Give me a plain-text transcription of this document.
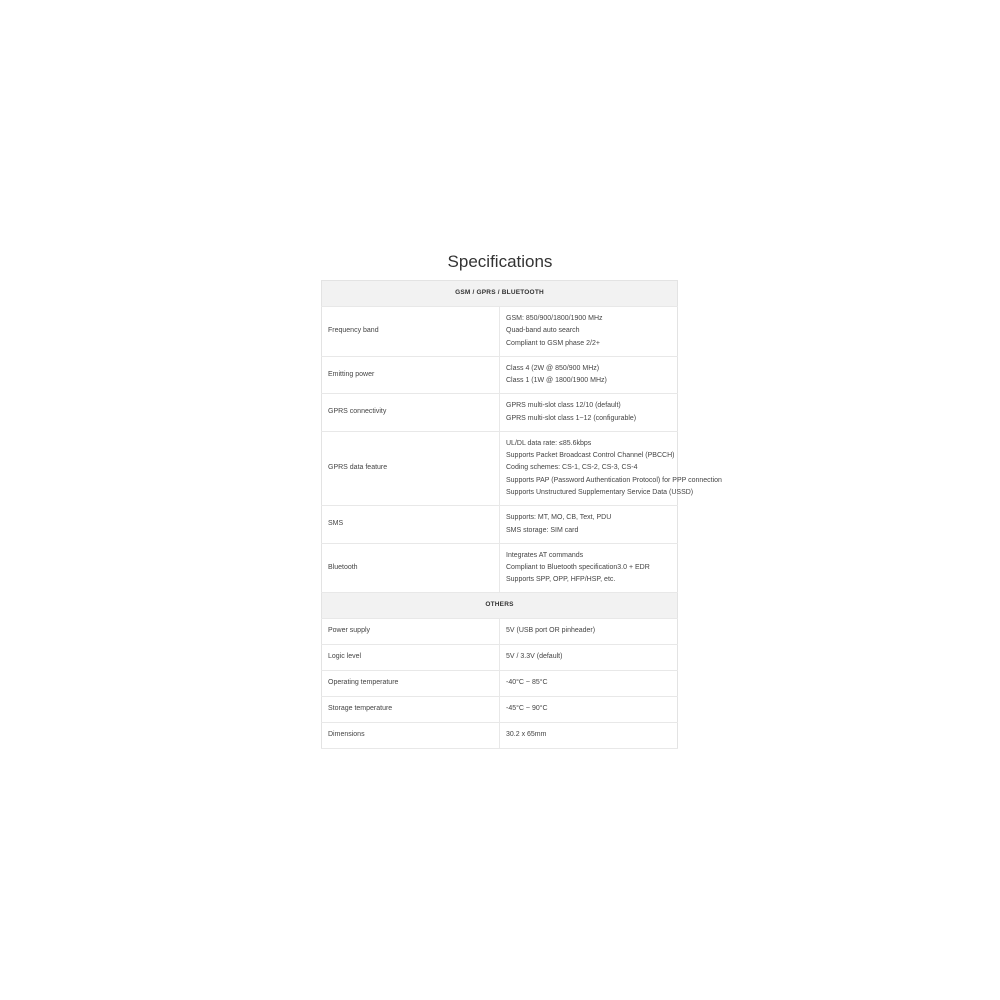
Specifications
GSM / GPRS / BLUETOOTH	
Frequency band	GSM: 850/900/1800/1900 MHz
Quad-band auto search
Compliant to GSM phase 2/2+

Emitting power	Class 4 (2W @ 850/900 MHz)
Class 1 (1W @ 1800/1900 MHz)

GPRS connectivity	GPRS multi-slot class 12/10 (default)
GPRS multi-slot class 1~12 (configurable)

GPRS data feature	UL/DL data rate: ≤85.6kbps
Supports Packet Broadcast Control Channel (PBCCH)
Coding schemes: CS-1, CS-2, CS-3, CS-4
Supports PAP (Password Authentication Protocol) for PPP connection
Supports Unstructured Supplementary Service Data (USSD)

SMS	Supports: MT, MO, CB, Text, PDU
SMS storage: SIM card

Bluetooth	Integrates AT commands
Compliant to Bluetooth specification3.0 + EDR
Supports SPP, OPP, HFP/HSP, etc.

OTHERS	
Power supply	5V (USB port OR pinheader)

Logic level	5V / 3.3V (default)

Operating temperature	-40°C ~ 85°C

Storage temperature	-45°C ~ 90°C

Dimensions	30.2 x 65mm
